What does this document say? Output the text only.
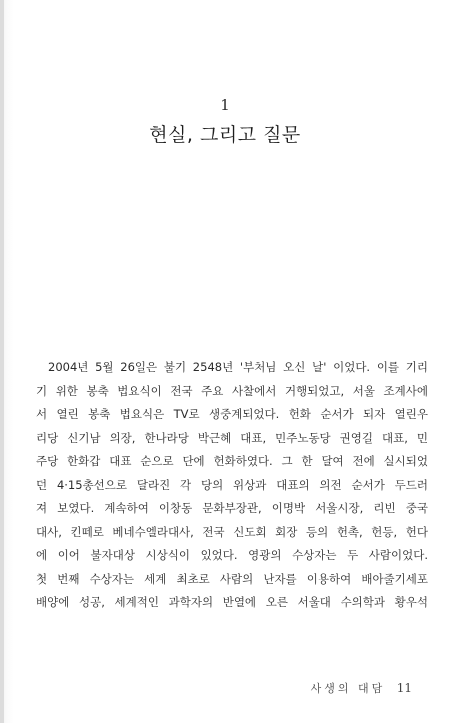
1
현실, 그리고 질문
2004년 5월 26일은 불기 2548년 '부처님 오신 날' 이었다. 이를 기리
기 위한 봉축 법요식이 전국 주요 사찰에서 거행되었고, 서울 조계사에
서 열린 봉축 법요식은 TV로 생중계되었다. 헌화 순서가 되자 열린우
리당 신기남 의장, 한나라당 박근혜 대표, 민주노동당 권영길 대표, 민
주당 한화갑 대표 순으로 단에 헌화하였다. 그 한 달여 전에 실시되었
던 4·15총선으로 달라진 각 당의 위상과 대표의 의전 순서가 두드러
져 보였다. 계속하여 이창동 문화부장관, 이명박 서울시장, 리빈 중국
대사, 킨떼로 베네수엘라대사, 전국 신도회 회장 등의 헌촉, 헌등, 헌다
에 이어 불자대상 시상식이 있었다. 영광의 수상자는 두 사람이었다.
첫 번째 수상자는 세계 최초로 사람의 난자를 이용하여 배아줄기세포
배양에 성공, 세계적인 과학자의 반열에 오른 서울대 수의학과 황우석
사생의 대담 11
